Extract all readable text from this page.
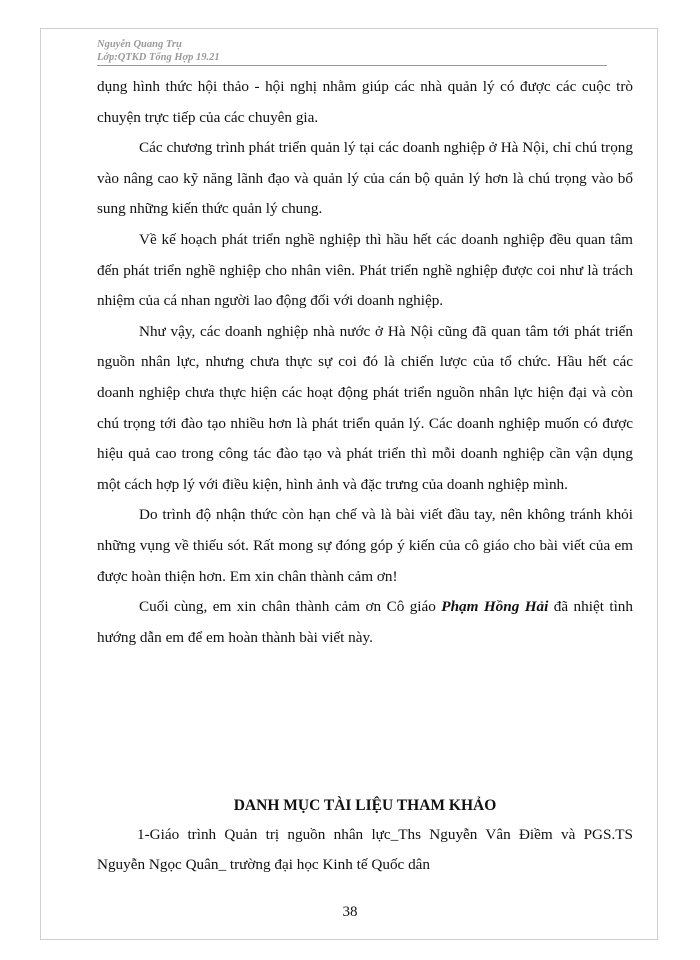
Nguyễn Quang Trụ
Lớp:QTKD Tổng Hợp 19.21

dụng hình thức hội thảo - hội nghị nhằm giúp các nhà quản lý có được các cuộc trò chuyện trực tiếp của các chuyên gia.

Các chương trình phát triển quản lý tại các doanh nghiệp ở Hà Nội, chỉ chú trọng vào nâng cao kỹ năng lãnh đạo và quản lý của cán bộ quản lý hơn là chú trọng vào bổ sung những kiến thức quản lý chung.

Về kế hoạch phát triển nghề nghiệp thì hầu hết các doanh nghiệp đều quan tâm đến phát triển nghề nghiệp cho nhân viên. Phát triển nghề nghiệp được coi như là trách nhiệm của cá nhan người lao động đối với doanh nghiệp.

Như vậy, các doanh nghiệp nhà nước ở Hà Nội cũng đã quan tâm tới phát triển nguồn nhân lực, nhưng chưa thực sự coi đó là chiến lược của tổ chức. Hầu hết các doanh nghiệp chưa thực hiện các hoạt động phát triển nguồn nhân lực hiện đại và còn chú trọng tới đào tạo nhiều hơn là phát triển quản lý. Các doanh nghiệp muốn có được hiệu quả cao trong công tác đào tạo và phát triển thì mỗi doanh nghiệp cần vận dụng một cách hợp lý với điều kiện, hình ảnh và đặc trưng của doanh nghiệp mình.

Do trình độ nhận thức còn hạn chế và là bài viết đầu tay, nên không tránh khỏi những vụng về thiếu sót. Rất mong sự đóng góp ý kiến của cô giáo cho bài viết của em được hoàn thiện hơn. Em xin chân thành cảm ơn!

Cuối cùng, em xin chân thành cảm ơn Cô giáo Phạm Hồng Hải đã nhiệt tình hướng dẫn em để em hoàn thành bài viết này.

DANH MỤC TÀI LIỆU THAM KHẢO

1-Giáo trình Quản trị nguồn nhân lực_Ths Nguyễn Vân Điềm và PGS.TS Nguyễn Ngọc Quân_ trường đại học Kinh tế Quốc dân

38
